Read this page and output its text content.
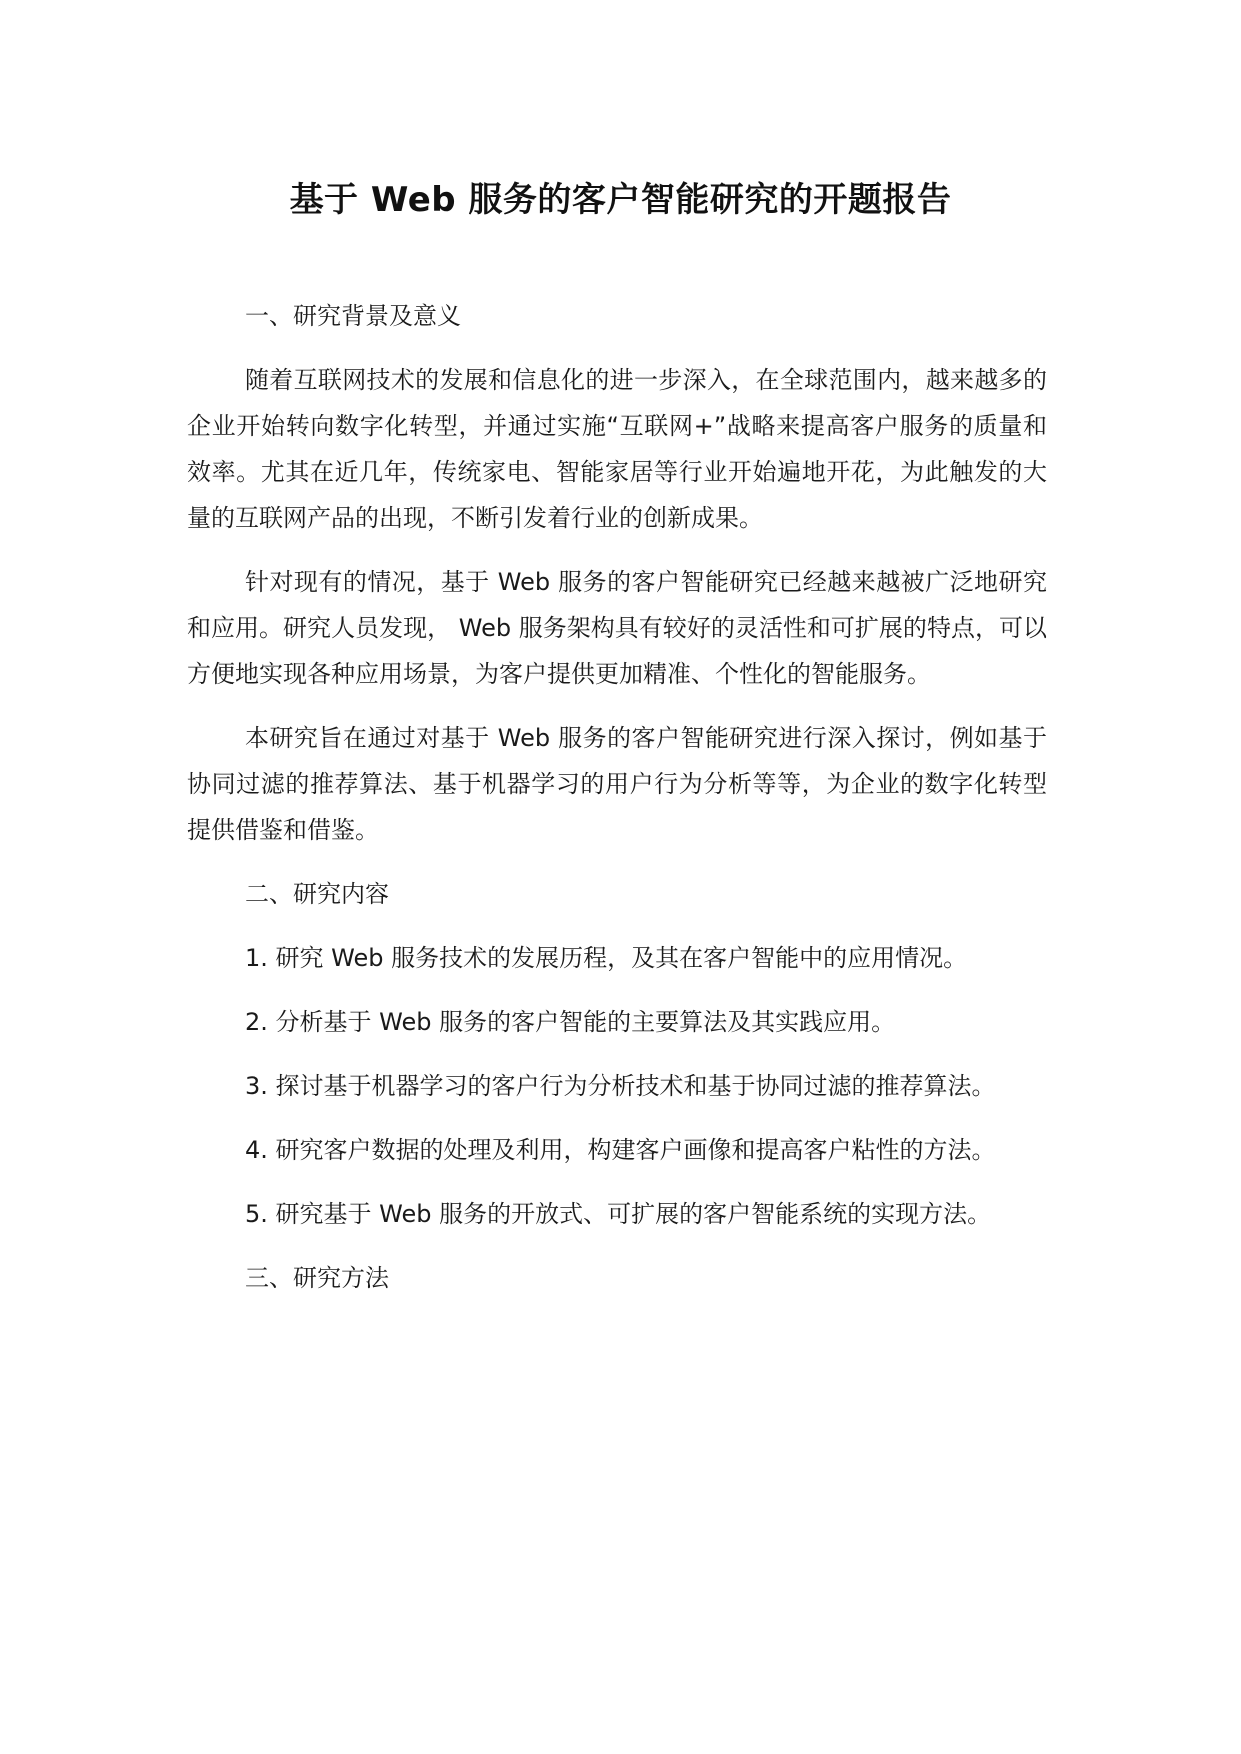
基于 Web 服务的客户智能研究的开题报告

一、研究背景及意义

随着互联网技术的发展和信息化的进一步深入，在全球范围内，越来越多的企业开始转向数字化转型，并通过实施“互联网+”战略来提高客户服务的质量和效率。尤其在近几年，传统家电、智能家居等行业开始遍地开花，为此触发的大量的互联网产品的出现，不断引发着行业的创新成果。

针对现有的情况，基于 Web 服务的客户智能研究已经越来越被广泛地研究和应用。研究人员发现， Web 服务架构具有较好的灵活性和可扩展的特点，可以方便地实现各种应用场景，为客户提供更加精准、个性化的智能服务。

本研究旨在通过对基于 Web 服务的客户智能研究进行深入探讨，例如基于协同过滤的推荐算法、基于机器学习的用户行为分析等等，为企业的数字化转型提供借鉴和借鉴。

二、研究内容

1. 研究 Web 服务技术的发展历程，及其在客户智能中的应用情况。

2. 分析基于 Web 服务的客户智能的主要算法及其实践应用。

3. 探讨基于机器学习的客户行为分析技术和基于协同过滤的推荐算法。

4. 研究客户数据的处理及利用，构建客户画像和提高客户粘性的方法。

5. 研究基于 Web 服务的开放式、可扩展的客户智能系统的实现方法。

三、研究方法
